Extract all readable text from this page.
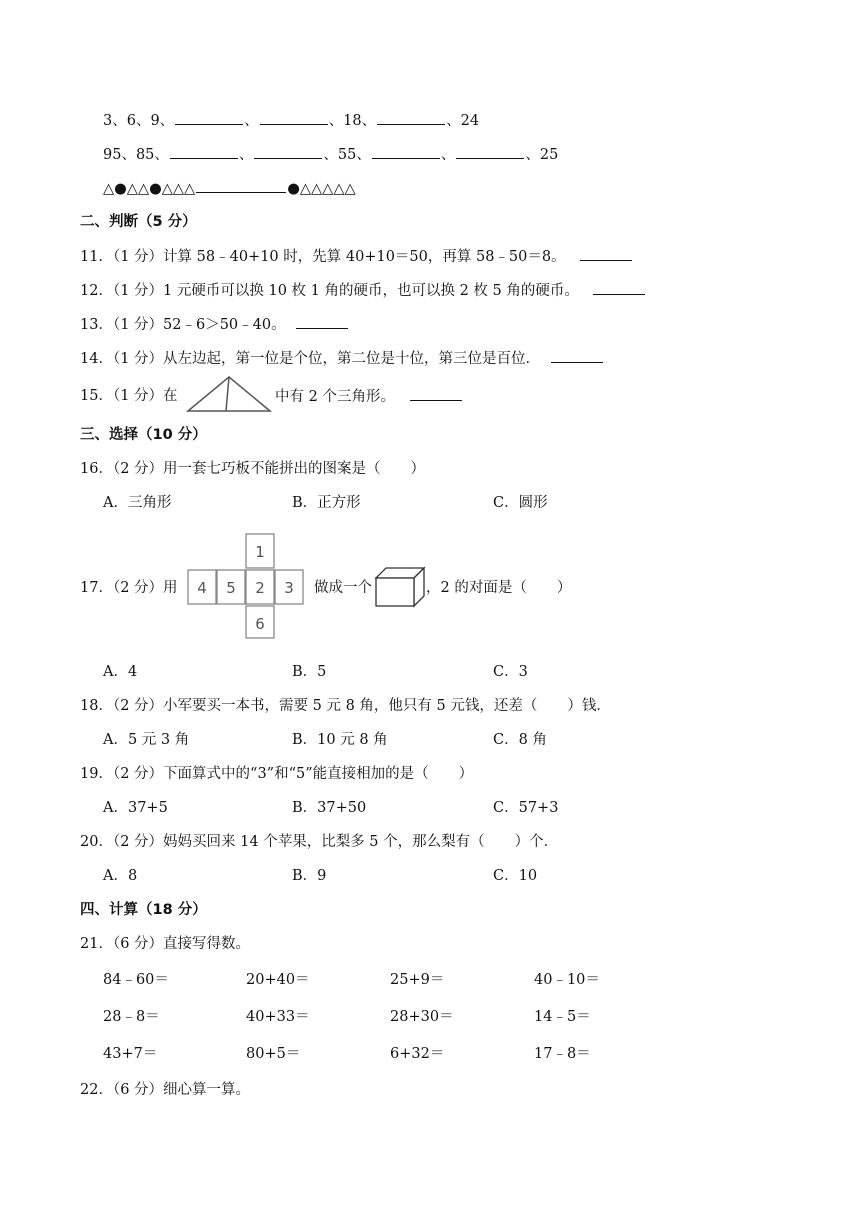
3、6、9、	、	、18、	、24
95、85、	、	、55、	、	、25
△●△△●△△△	●△△△△△
二、判断（5 分）
11．（1 分）计算 58﹣40+10 时，先算 40+10＝50，再算 58﹣50＝8。
12．（1 分）1 元硬币可以换 10 枚 1 角的硬币，也可以换 2 枚 5 角的硬币。
13．（1 分）52﹣6＞50﹣40。
14．（1 分）从左边起，第一位是个位，第二位是十位，第三位是百位．
15．（1 分）在	中有 2 个三角形。
三、选择（10 分）
16．（2 分）用一套七巧板不能拼出的图案是（ ）
A．三角形	B．正方形	C．圆形
17．（2 分）用
1
4 5 2 3
6
做成一个	，2 的对面是（ ）
A．4	B．5	C．3
18．（2 分）小军要买一本书，需要 5 元 8 角，他只有 5 元钱，还差（ ）钱．
A．5 元 3 角	B．10 元 8 角	C．8 角
19．（2 分）下面算式中的“3”和“5”能直接相加的是（ ）
A．37+5	B．37+50	C．57+3
20．（2 分）妈妈买回来 14 个苹果，比梨多 5 个，那么梨有（ ）个．
A．8	B．9	C．10
四、计算（18 分）
21．（6 分）直接写得数。
84﹣60＝	20+40＝	25+9＝	40﹣10＝
28﹣8＝	40+33＝	28+30＝	14﹣5＝
43+7＝	80+5＝	6+32＝	17﹣8＝
22．（6 分）细心算一算。
